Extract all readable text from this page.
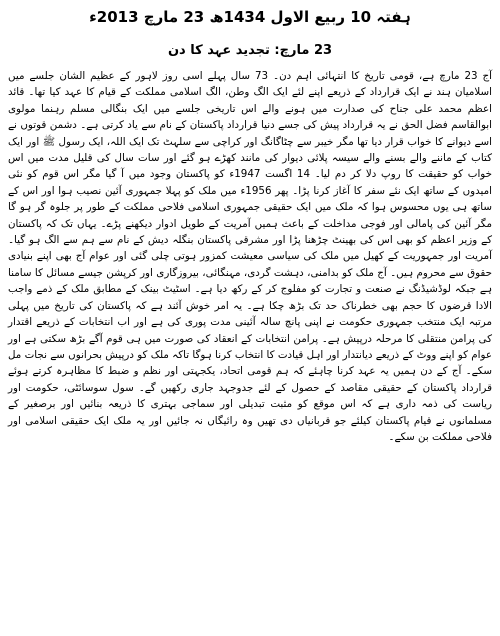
ہفتہ 10 ربیع الاول 1434ھ 23 مارچ 2013ء
23 مارچ: تجدید عہد کا دن

آج 23 مارچ ہے، قومی تاریخ کا انتہائی اہم دن۔ 73 سال پہلے اسی روز لاہور کے عظیم الشان جلسے میں اسلامیان ہند نے ایک قرارداد کے ذریعے اپنے لئے ایک الگ وطن، الگ اسلامی مملکت کے قیام کا عہد کیا تھا۔ قائد اعظم محمد علی جناح کی صدارت میں ہونے والے اس تاریخی جلسے میں ایک بنگالی مسلم رہنما مولوی ابوالقاسم فضل الحق نے یہ قرارداد پیش کی جسے دنیا قرارداد پاکستان کے نام سے یاد کرتی ہے۔ دشمن قوتوں نے اسے دیوانے کا خواب قرار دیا تھا مگر خیبر سے چٹاگانگ اور کراچی سے سلہٹ تک ایک اللہ، ایک رسول ﷺ اور ایک کتاب کے ماننے والے بسنے والے سیسہ پلائی دیوار کی مانند کھڑے ہو گئے اور سات سال کی قلیل مدت میں اس خواب کو حقیقت کا روپ دلا کر دم لیا۔ 14 اگست 1947ء کو پاکستان وجود میں آ گیا مگر اس قوم کو نئی امیدوں کے ساتھ ایک نئے سفر کا آغاز کرنا پڑا۔ پھر 1956ء میں ملک کو پہلا جمہوری آئین نصیب ہوا اور اس کے ساتھ ہی یوں محسوس ہوا کہ ملک میں ایک حقیقی جمہوری اسلامی فلاحی مملکت کے طور پر جلوہ گر ہو گا مگر آئین کی پامالی اور فوجی مداخلت کے باعث ہمیں آمریت کے طویل ادوار دیکھنے پڑے۔ یہاں تک کہ پاکستان کے وزیر اعظم کو بھی اس کی بھینٹ چڑھنا پڑا اور مشرقی پاکستان بنگلہ دیش کے نام سے ہم سے الگ ہو گیا۔ آمریت اور جمہوریت کے کھیل میں ملک کی سیاسی معیشت کمزور ہوتی چلی گئی اور عوام آج بھی اپنے بنیادی حقوق سے محروم ہیں۔ آج ملک کو بدامنی، دہشت گردی، مہنگائی، بیروزگاری اور کرپشن جیسے مسائل کا سامنا ہے جبکہ لوڈشیڈنگ نے صنعت و تجارت کو مفلوج کر کے رکھ دیا ہے۔ اسٹیٹ بینک کے مطابق ملک کے ذمے واجب الادا قرضوں کا حجم بھی خطرناک حد تک بڑھ چکا ہے۔ یہ امر خوش آئند ہے کہ پاکستان کی تاریخ میں پہلی مرتبہ ایک منتخب جمہوری حکومت نے اپنی پانچ سالہ آئینی مدت پوری کی ہے اور اب انتخابات کے ذریعے اقتدار کی پرامن منتقلی کا مرحلہ درپیش ہے۔ پرامن انتخابات کے انعقاد کی صورت میں ہی قوم آگے بڑھ سکتی ہے اور عوام کو اپنے ووٹ کے ذریعے دیانتدار اور اہل قیادت کا انتخاب کرنا ہوگا تاکہ ملک کو درپیش بحرانوں سے نجات مل سکے۔ آج کے دن ہمیں یہ عہد کرنا چاہئے کہ ہم قومی اتحاد، یکجہتی اور نظم و ضبط کا مظاہرہ کرتے ہوئے قرارداد پاکستان کے حقیقی مقاصد کے حصول کے لئے جدوجہد جاری رکھیں گے۔ سول سوسائٹی، حکومت اور ریاست کی ذمہ داری ہے کہ اس موقع کو مثبت تبدیلی اور سماجی بہتری کا ذریعہ بنائیں اور برصغیر کے مسلمانوں نے قیام پاکستان کیلئے جو قربانیاں دی تھیں وہ رائیگاں نہ جائیں اور یہ ملک ایک حقیقی اسلامی اور فلاحی مملکت بن سکے۔
